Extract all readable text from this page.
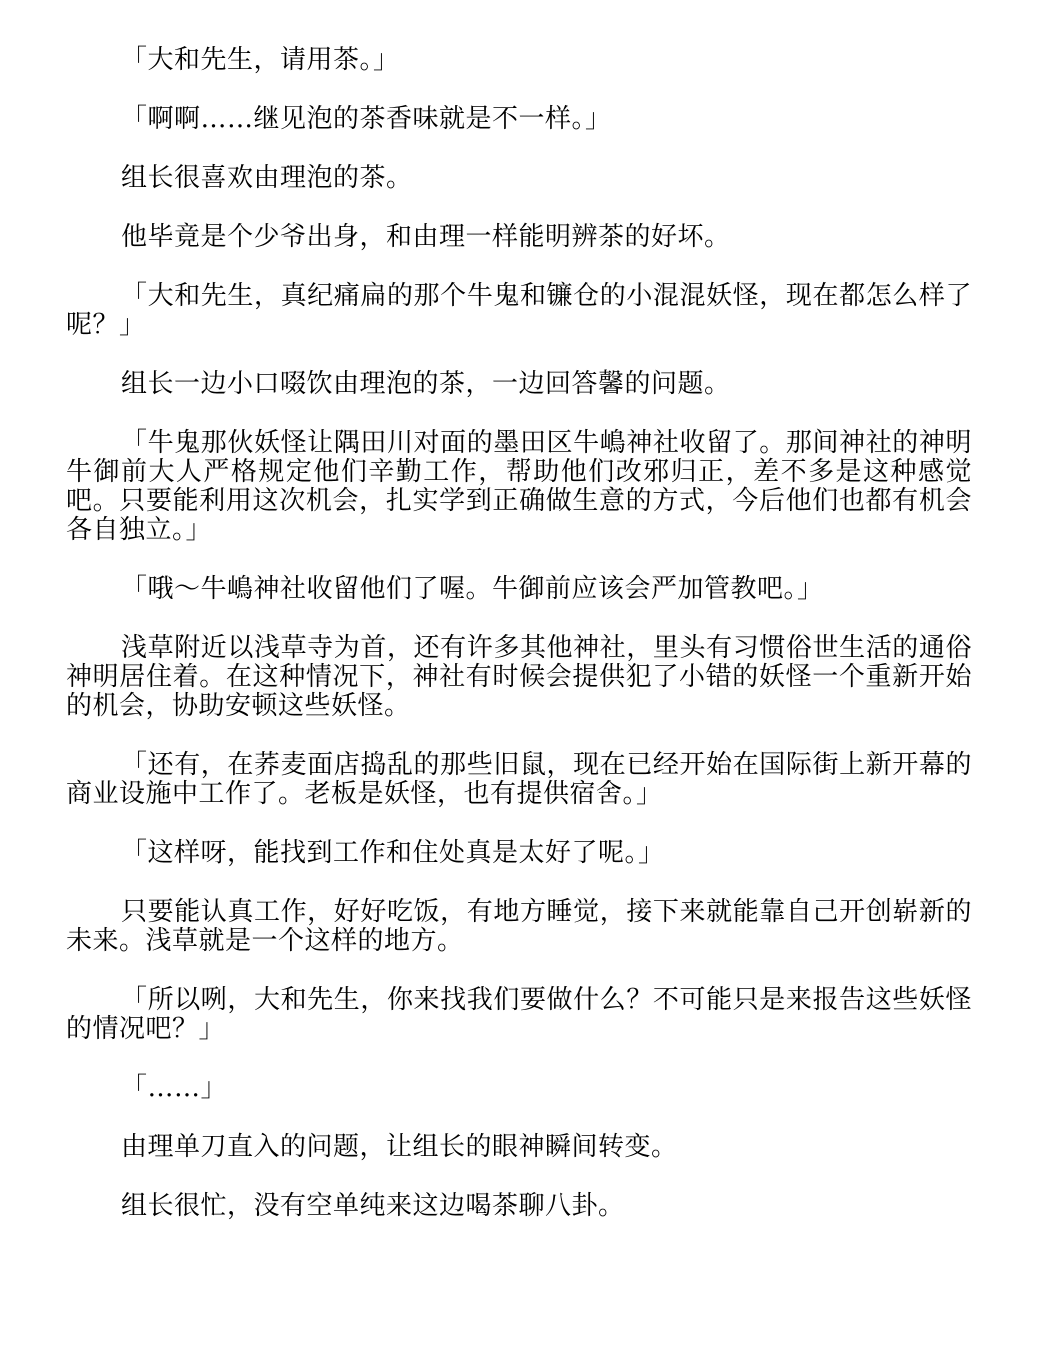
「大和先生，请用茶。」

「啊啊……继见泡的茶香味就是不一样。」

组长很喜欢由理泡的茶。

他毕竟是个少爷出身，和由理一样能明辨茶的好坏。

「大和先生，真纪痛扁的那个牛鬼和镰仓的小混混妖怪，现在都怎么样了呢？」

组长一边小口啜饮由理泡的茶，一边回答馨的问题。

「牛鬼那伙妖怪让隅田川对面的墨田区牛嶋神社收留了。那间神社的神明牛御前大人严格规定他们辛勤工作，帮助他们改邪归正，差不多是这种感觉吧。只要能利用这次机会，扎实学到正确做生意的方式，今后他们也都有机会各自独立。」

「哦～牛嶋神社收留他们了喔。牛御前应该会严加管教吧。」

浅草附近以浅草寺为首，还有许多其他神社，里头有习惯俗世生活的通俗神明居住着。在这种情况下，神社有时候会提供犯了小错的妖怪一个重新开始的机会，协助安顿这些妖怪。

「还有，在荞麦面店捣乱的那些旧鼠，现在已经开始在国际街上新开幕的商业设施中工作了。老板是妖怪，也有提供宿舍。」

「这样呀，能找到工作和住处真是太好了呢。」

只要能认真工作，好好吃饭，有地方睡觉，接下来就能靠自己开创崭新的未来。浅草就是一个这样的地方。

「所以咧，大和先生，你来找我们要做什么？不可能只是来报告这些妖怪的情况吧？」

「……」

由理单刀直入的问题，让组长的眼神瞬间转变。

组长很忙，没有空单纯来这边喝茶聊八卦。
